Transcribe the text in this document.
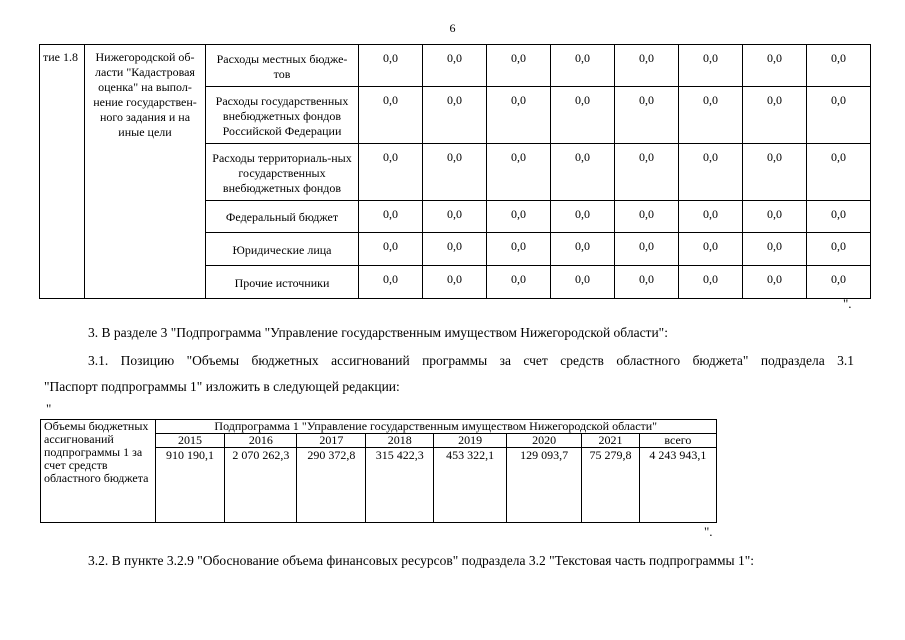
6
тие 1.8	Нижегородской об-ласти "Кадастровая оценка" на выпол-нение государствен-ного задания и на иные цели	Расходы местных бюдже-тов	0,0	0,0	0,0	0,0	0,0	0,0	0,0	0,0
		Расходы государственных внебюджетных фондов Российской Федерации	0,0	0,0	0,0	0,0	0,0	0,0	0,0	0,0
		Расходы территориаль-ных государственных внебюджетных фондов	0,0	0,0	0,0	0,0	0,0	0,0	0,0	0,0
		Федеральный бюджет	0,0	0,0	0,0	0,0	0,0	0,0	0,0	0,0
		Юридические лица	0,0	0,0	0,0	0,0	0,0	0,0	0,0	0,0
		Прочие источники	0,0	0,0	0,0	0,0	0,0	0,0	0,0	0,0
".
3. В разделе 3 "Подпрограмма "Управление государственным имуществом Нижегородской области":
3.1. Позицию "Объемы бюджетных ассигнований программы за счет средств областного бюджета" подраздела 3.1
"Паспорт подпрограммы 1" изложить в следующей редакции:
"
Объемы бюджетных ассигнований подпрограммы 1 за счет средств областного бюджета	Подпрограмма 1 "Управление государственным имуществом Нижегородской области"							
	2015	2016	2017	2018	2019	2020	2021	всего
	910 190,1	2 070 262,3	290 372,8	315 422,3	453 322,1	129 093,7	75 279,8	4 243 943,1
".
3.2. В пункте 3.2.9 "Обоснование объема финансовых ресурсов" подраздела 3.2 "Текстовая часть подпрограммы 1":
